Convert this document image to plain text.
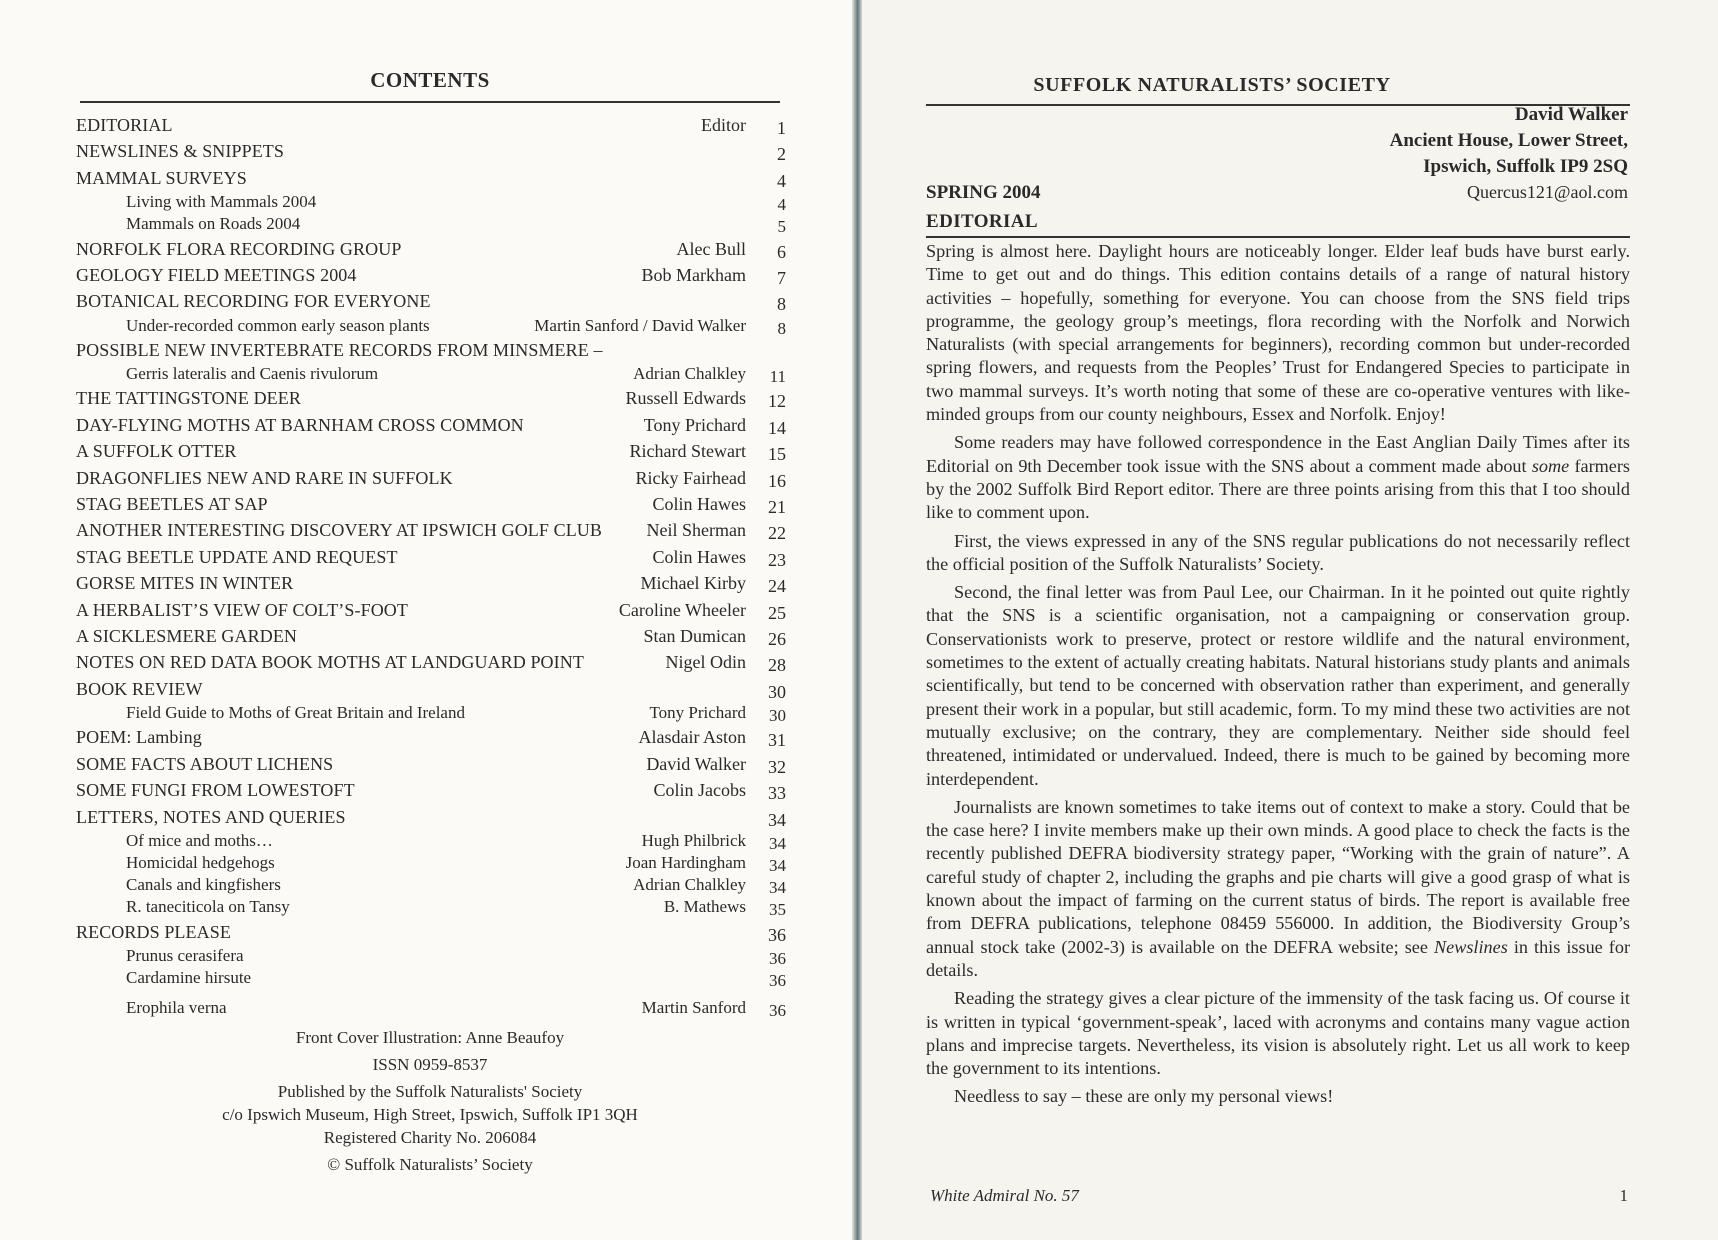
CONTENTS
EDITORIAL	Editor	1
NEWSLINES & SNIPPETS	2
MAMMAL SURVEYS	4
Living with Mammals 2004	4
Mammals on Roads 2004	5
NORFOLK FLORA RECORDING GROUP	Alec Bull	6
GEOLOGY FIELD MEETINGS 2004	Bob Markham	7
BOTANICAL RECORDING FOR EVERYONE	8
Under-recorded common early season plants	Martin Sanford / David Walker	8
POSSIBLE NEW INVERTEBRATE RECORDS FROM MINSMERE –
Gerris lateralis and Caenis rivulorum	Adrian Chalkley	11
THE TATTINGSTONE DEER	Russell Edwards	12
DAY-FLYING MOTHS AT BARNHAM CROSS COMMON	Tony Prichard	14
A SUFFOLK OTTER	Richard Stewart	15
DRAGONFLIES NEW AND RARE IN SUFFOLK	Ricky Fairhead	16
STAG BEETLES AT SAP	Colin Hawes	21
ANOTHER INTERESTING DISCOVERY AT IPSWICH GOLF CLUB Neil Sherman	22
STAG BEETLE UPDATE AND REQUEST	Colin Hawes	23
GORSE MITES IN WINTER	Michael Kirby	24
A HERBALIST’S VIEW OF COLT’S-FOOT	Caroline Wheeler	25
A SICKLESMERE GARDEN	Stan Dumican	26
NOTES ON RED DATA BOOK MOTHS AT LANDGUARD POINT	Nigel Odin	28
BOOK REVIEW	30
Field Guide to Moths of Great Britain and Ireland	Tony Prichard	30
POEM: Lambing	Alasdair Aston	31
SOME FACTS ABOUT LICHENS	David Walker	32
SOME FUNGI FROM LOWESTOFT	Colin Jacobs	33
LETTERS, NOTES AND QUERIES	34
Of mice and moths…	Hugh Philbrick	34
Homicidal hedgehogs	Joan Hardingham	34
Canals and kingfishers	Adrian Chalkley	34
R. taneciticola on Tansy	B. Mathews	35
RECORDS PLEASE	36
Prunus cerasifera	36
Cardamine hirsute	36
Erophila verna	Martin Sanford	36
Front Cover Illustration: Anne Beaufoy
ISSN 0959-8537
Published by the Suffolk Naturalists' Society
c/o Ipswich Museum, High Street, Ipswich, Suffolk IP1 3QH
Registered Charity No. 206084
© Suffolk Naturalists’ Society
SUFFOLK NATURALISTS’ SOCIETY
David Walker
Ancient House, Lower Street,
Ipswich, Suffolk IP9 2SQ
SPRING 2004	Quercus121@aol.com
EDITORIAL

Spring is almost here. Daylight hours are noticeably longer. Elder leaf buds have burst early. Time to get out and do things. This edition contains details of a range of natural history activities – hopefully, something for everyone. You can choose from the SNS field trips programme, the geology group’s meetings, flora recording with the Norfolk and Norwich Naturalists (with special arrangements for beginners), recording common but under-recorded spring flowers, and requests from the Peoples’ Trust for Endangered Species to participate in two mammal surveys. It’s worth noting that some of these are co-operative ventures with like-minded groups from our county neighbours, Essex and Norfolk. Enjoy!

Some readers may have followed correspondence in the East Anglian Daily Times after its Editorial on 9th December took issue with the SNS about a comment made about some farmers by the 2002 Suffolk Bird Report editor. There are three points arising from this that I too should like to comment upon.

First, the views expressed in any of the SNS regular publications do not necessarily reflect the official position of the Suffolk Naturalists’ Society.

Second, the final letter was from Paul Lee, our Chairman. In it he pointed out quite rightly that the SNS is a scientific organisation, not a campaigning or conservation group. Conservationists work to preserve, protect or restore wildlife and the natural environment, sometimes to the extent of actually creating habitats. Natural historians study plants and animals scientifically, but tend to be concerned with observation rather than experiment, and generally present their work in a popular, but still academic, form. To my mind these two activities are not mutually exclusive; on the contrary, they are complementary. Neither side should feel threatened, intimidated or undervalued. Indeed, there is much to be gained by becoming more interdependent.

Journalists are known sometimes to take items out of context to make a story. Could that be the case here? I invite members make up their own minds. A good place to check the facts is the recently published DEFRA biodiversity strategy paper, “Working with the grain of nature”. A careful study of chapter 2, including the graphs and pie charts will give a good grasp of what is known about the impact of farming on the current status of birds. The report is available free from DEFRA publications, telephone 08459 556000. In addition, the Biodiversity Group’s annual stock take (2002-3) is available on the DEFRA website; see Newslines in this issue for details.

Reading the strategy gives a clear picture of the immensity of the task facing us. Of course it is written in typical ‘government-speak’, laced with acronyms and contains many vague action plans and imprecise targets. Nevertheless, its vision is absolutely right. Let us all work to keep the government to its intentions.

Needless to say – these are only my personal views!

White Admiral No. 57	1
